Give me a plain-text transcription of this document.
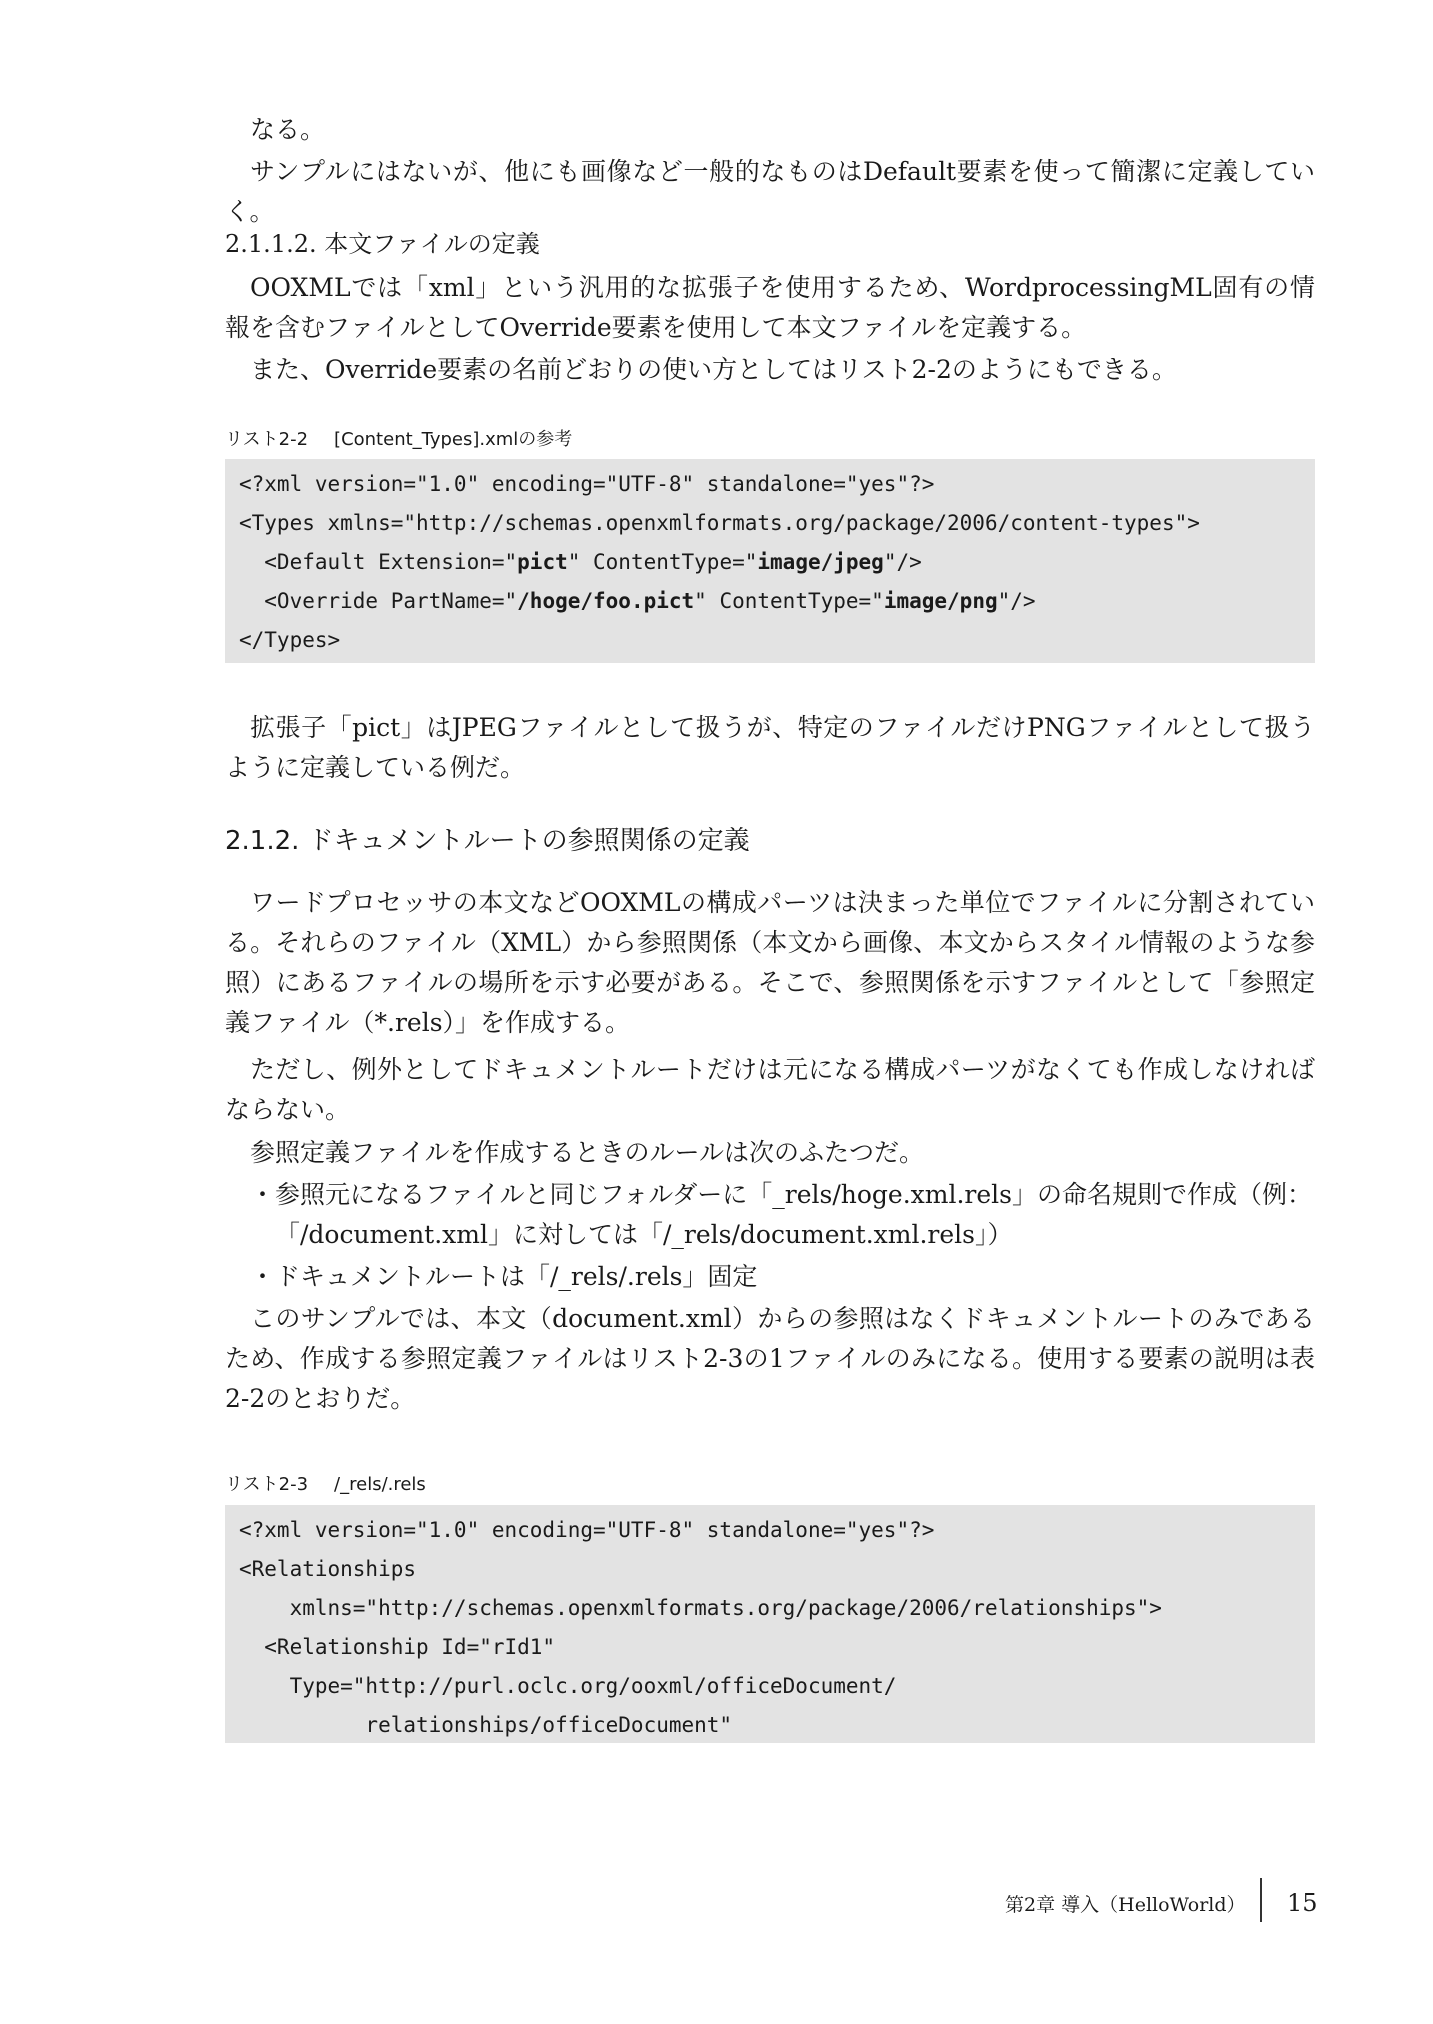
なる。

サンプルにはないが、他にも画像など一般的なものはDefault要素を使って簡潔に定義していく。

2.1.1.2. 本文ファイルの定義

OOXMLでは「xml」という汎用的な拡張子を使用するため、WordprocessingML固有の情報を含むファイルとしてOverride要素を使用して本文ファイルを定義する。

また、Override要素の名前どおりの使い方としてはリスト2-2のようにもできる。

リスト2-2 [Content_Types].xmlの参考

<?xml version="1.0" encoding="UTF-8" standalone="yes"?>
<Types xmlns="http://schemas.openxmlformats.org/package/2006/content-types">
<Default Extension="pict" ContentType="image/jpeg"/>
<Override PartName="/hoge/foo.pict" ContentType="image/png"/>
</Types>

拡張子「pict」はJPEGファイルとして扱うが、特定のファイルだけPNGファイルとして扱うように定義している例だ。

2.1.2. ドキュメントルートの参照関係の定義

ワードプロセッサの本文などOOXMLの構成パーツは決まった単位でファイルに分割されている。それらのファイル（XML）から参照関係（本文から画像、本文からスタイル情報のような参照）にあるファイルの場所を示す必要がある。そこで、参照関係を示すファイルとして「参照定義ファイル（*.rels）」を作成する。

ただし、例外としてドキュメントルートだけは元になる構成パーツがなくても作成しなければならない。

参照定義ファイルを作成するときのルールは次のふたつだ。

・参照元になるファイルと同じフォルダーに「_rels/hoge.xml.rels」の命名規則で作成（例：「/document.xml」に対しては「/_rels/document.xml.rels」）

・ドキュメントルートは「/_rels/.rels」固定

このサンプルでは、本文（document.xml）からの参照はなくドキュメントルートのみであるため、作成する参照定義ファイルはリスト2-3の1ファイルのみになる。使用する要素の説明は表2-2のとおりだ。

リスト2-3 /_rels/.rels

<?xml version="1.0" encoding="UTF-8" standalone="yes"?>
<Relationships
xmlns="http://schemas.openxmlformats.org/package/2006/relationships">
<Relationship Id="rId1"
Type="http://purl.oclc.org/ooxml/officeDocument/
relationships/officeDocument"
第2章 導入（HelloWorld） 15
